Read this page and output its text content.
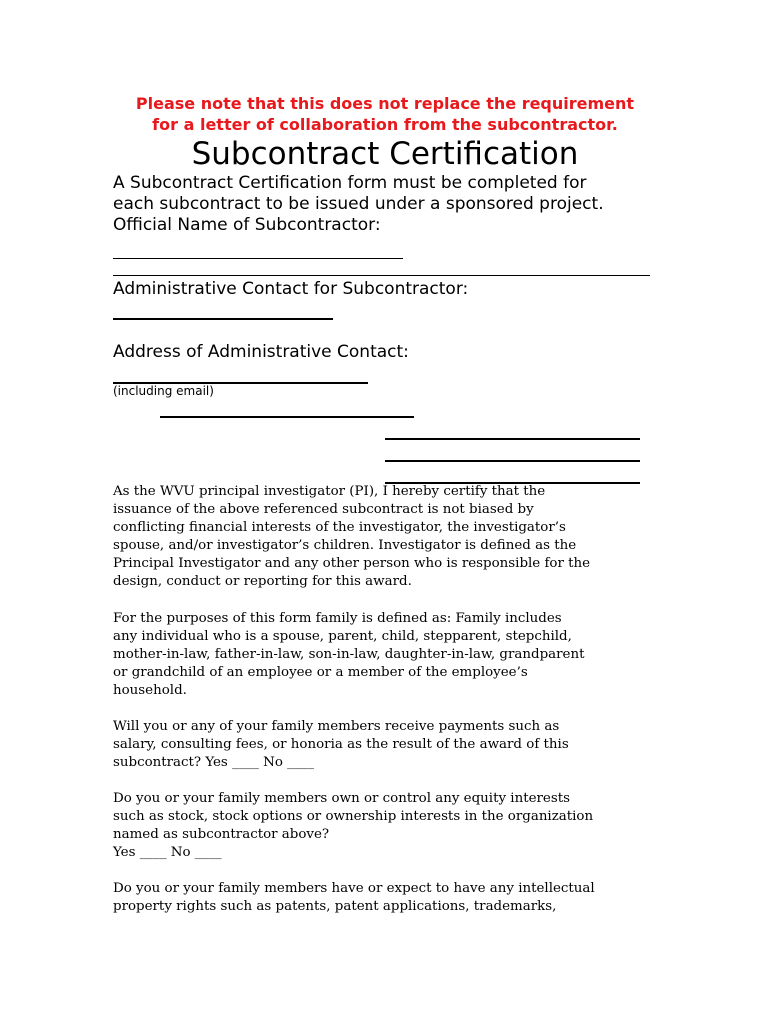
Please note that this does not replace the requirement
for a letter of collaboration from the subcontractor.
Subcontract Certification
A Subcontract Certification form must be completed for
each subcontract to be issued under a sponsored project.
Official Name of Subcontractor:
Administrative Contact for Subcontractor:
Address of Administrative Contact:
(including email)
As the WVU principal investigator (PI), I hereby certify that the
issuance of the above referenced subcontract is not biased by
conflicting financial interests of the investigator, the investigator’s
spouse, and/or investigator’s children. Investigator is defined as the
Principal Investigator and any other person who is responsible for the
design, conduct or reporting for this award.
For the purposes of this form family is defined as: Family includes
any individual who is a spouse, parent, child, stepparent, stepchild,
mother-in-law, father-in-law, son-in-law, daughter-in-law, grandparent
or grandchild of an employee or a member of the employee’s
household.
Will you or any of your family members receive payments such as
salary, consulting fees, or honoria as the result of the award of this
subcontract? Yes ____ No ____
Do you or your family members own or control any equity interests
such as stock, stock options or ownership interests in the organization
named as subcontractor above?
Yes ____ No ____
Do you or your family members have or expect to have any intellectual
property rights such as patents, patent applications, trademarks,
